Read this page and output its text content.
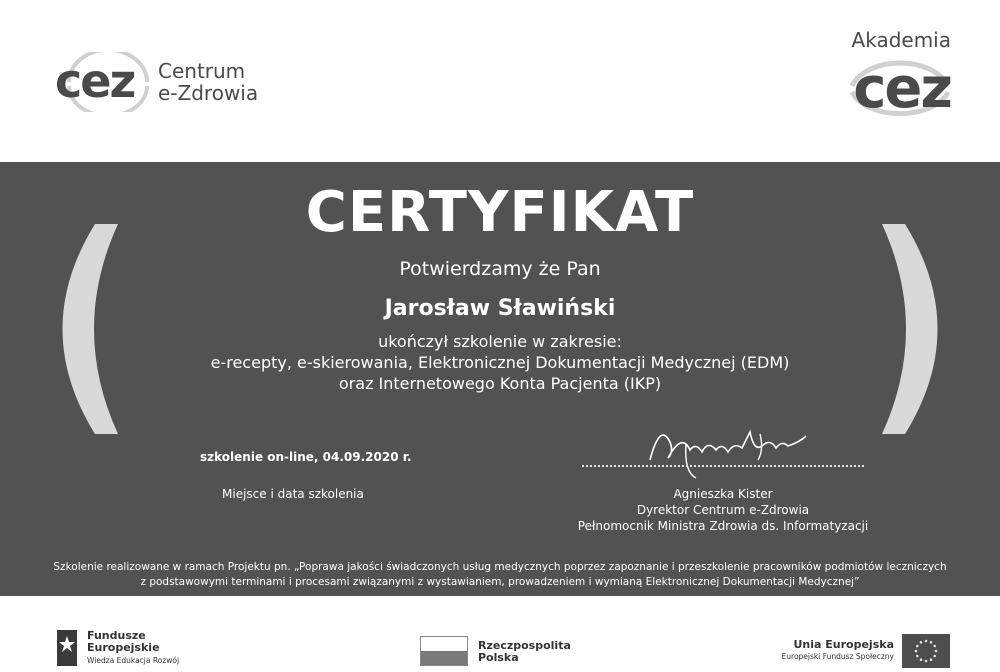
cez Centrum
e-Zdrowia
Akademia
cez
CERTYFIKAT
Potwierdzamy że Pan
Jarosław Sławiński
ukończył szkolenie w zakresie:
e-recepty, e-skierowania, Elektronicznej Dokumentacji Medycznej (EDM)
oraz Internetowego Konta Pacjenta (IKP)
szkolenie on-line, 04.09.2020 r.
Miejsce i data szkolenia	Agnieszka Kister
Dyrektor Centrum e-Zdrowia
Pełnomocnik Ministra Zdrowia ds. Informatyzacji
Szkolenie realizowane w ramach Projektu pn. „Poprawa jakości świadczonych usług medycznych poprzez zapoznanie i przeszkolenie pracowników podmiotów leczniczych
z podstawowymi terminami i procesami związanymi z wystawianiem, prowadzeniem i wymianą Elektronicznej Dokumentacji Medycznej”
Fundusze
Europejskie
Wiedza Edukacja Rozwój
Rzeczpospolita
Polska
Unia Europejska
Europejski Fundusz Społeczny
